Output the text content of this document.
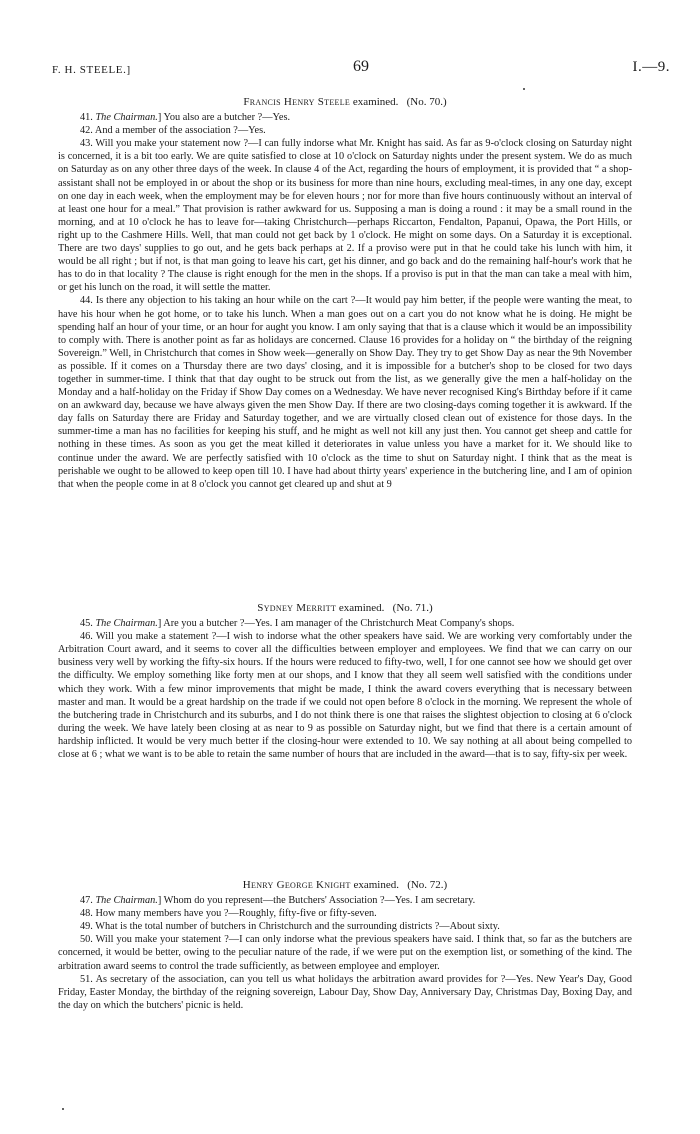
F. H. STEELE.]	69	I.—9.
Francis Henry Steele examined. (No. 70.)

41. The Chairman.] You also are a butcher ?—Yes.

42. And a member of the association ?—Yes.

43. Will you make your statement now ?—I can fully indorse what Mr. Knight has said. As far as 9-o'clock closing on Saturday night is concerned, it is a bit too early. We are quite satisfied to close at 10 o'clock on Saturday nights under the present system. We do as much on Saturday as on any other three days of the week. In clause 4 of the Act, regarding the hours of employment, it is provided that “ a shop-assistant shall not be employed in or about the shop or its business for more than nine hours, excluding meal-times, in any one day, except on one day in each week, when the employment may be for eleven hours ; nor for more than five hours continuously without an interval of at least one hour for a meal.” That provision is rather awkward for us. Supposing a man is doing a round : it may be a small round in the morning, and at 10 o'clock he has to leave for—taking Christchurch—perhaps Riccarton, Fendalton, Papanui, Opawa, the Port Hills, or right up to the Cashmere Hills. Well, that man could not get back by 1 o'clock. He might on some days. On a Saturday it is exceptional. There are two days' supplies to go out, and he gets back perhaps at 2. If a proviso were put in that he could take his lunch with him, it would be all right ; but if not, is that man going to leave his cart, get his dinner, and go back and do the remaining half-hour's work that he has to do in that locality ? The clause is right enough for the men in the shops. If a proviso is put in that the man can take a meal with him, or get his lunch on the road, it will settle the matter.

44. Is there any objection to his taking an hour while on the cart ?—It would pay him better, if the people were wanting the meat, to have his hour when he got home, or to take his lunch. When a man goes out on a cart you do not know what he is doing. He might be spending half an hour of your time, or an hour for aught you know. I am only saying that that is a clause which it would be an impossibility to comply with. There is another point as far as holidays are concerned. Clause 16 provides for a holiday on “ the birthday of the reigning Sovereign.” Well, in Christchurch that comes in Show week—generally on Show Day. They try to get Show Day as near the 9th November as possible. If it comes on a Thursday there are two days' closing, and it is impossible for a butcher's shop to be closed for two days together in summer-time. I think that that day ought to be struck out from the list, as we generally give the men a half-holiday on the Monday and a half-holiday on the Friday if Show Day comes on a Wednesday. We have never recognised King's Birthday before if it came on an awkward day, because we have always given the men Show Day. If there are two closing-days coming together it is awkward. If the day falls on Saturday there are Friday and Saturday together, and we are virtually closed clean out of existence for those days. In the summer-time a man has no facilities for keeping his stuff, and he might as well not kill any just then. You cannot get sheep and cattle for nothing in these times. As soon as you get the meat killed it deteriorates in value unless you have a market for it. We should like to continue under the award. We are perfectly satisfied with 10 o'clock as the time to shut on Saturday night. I think that as the meat is perishable we ought to be allowed to keep open till 10. I have had about thirty years' experience in the butchering line, and I am of opinion that when the people come in at 8 o'clock you cannot get cleared up and shut at 9

Sydney Merritt examined. (No. 71.)

45. The Chairman.] Are you a butcher ?—Yes. I am manager of the Christchurch Meat Company's shops.

46. Will you make a statement ?—I wish to indorse what the other speakers have said. We are working very comfortably under the Arbitration Court award, and it seems to cover all the difficulties between employer and employees. We find that we can carry on our business very well by working the fifty-six hours. If the hours were reduced to fifty-two, well, I for one cannot see how we should get over the difficulty. We employ something like forty men at our shops, and I know that they all seem well satisfied with the conditions under which they work. With a few minor improvements that might be made, I think the award covers everything that is necessary between master and man. It would be a great hardship on the trade if we could not open before 8 o'clock in the morning. We represent the whole of the butchering trade in Christchurch and its suburbs, and I do not think there is one that raises the slightest objection to closing at 6 o'clock during the week. We have lately been closing at as near to 9 as possible on Saturday night, but we find that there is a certain amount of hardship inflicted. It would be very much better if the closing-hour were extended to 10. We say nothing at all about being compelled to close at 6 ; what we want is to be able to retain the same number of hours that are included in the award—that is to say, fifty-six per week.

Henry George Knight examined. (No. 72.)

47. The Chairman.] Whom do you represent—the Butchers' Association ?—Yes. I am secretary.

48. How many members have you ?—Roughly, fifty-five or fifty-seven.

49. What is the total number of butchers in Christchurch and the surrounding districts ?—About sixty.

50. Will you make your statement ?—I can only indorse what the previous speakers have said. I think that, so far as the butchers are concerned, it would be better, owing to the peculiar nature of the rade, if we were put on the exemption list, or something of the kind. The arbitration award seems to control the trade sufficiently, as between employee and employer.

51. As secretary of the association, can you tell us what holidays the arbitration award provides for ?—Yes. New Year's Day, Good Friday, Easter Monday, the birthday of the reigning sovereign, Labour Day, Show Day, Anniversary Day, Christmas Day, Boxing Day, and the day on which the butchers' picnic is held.
